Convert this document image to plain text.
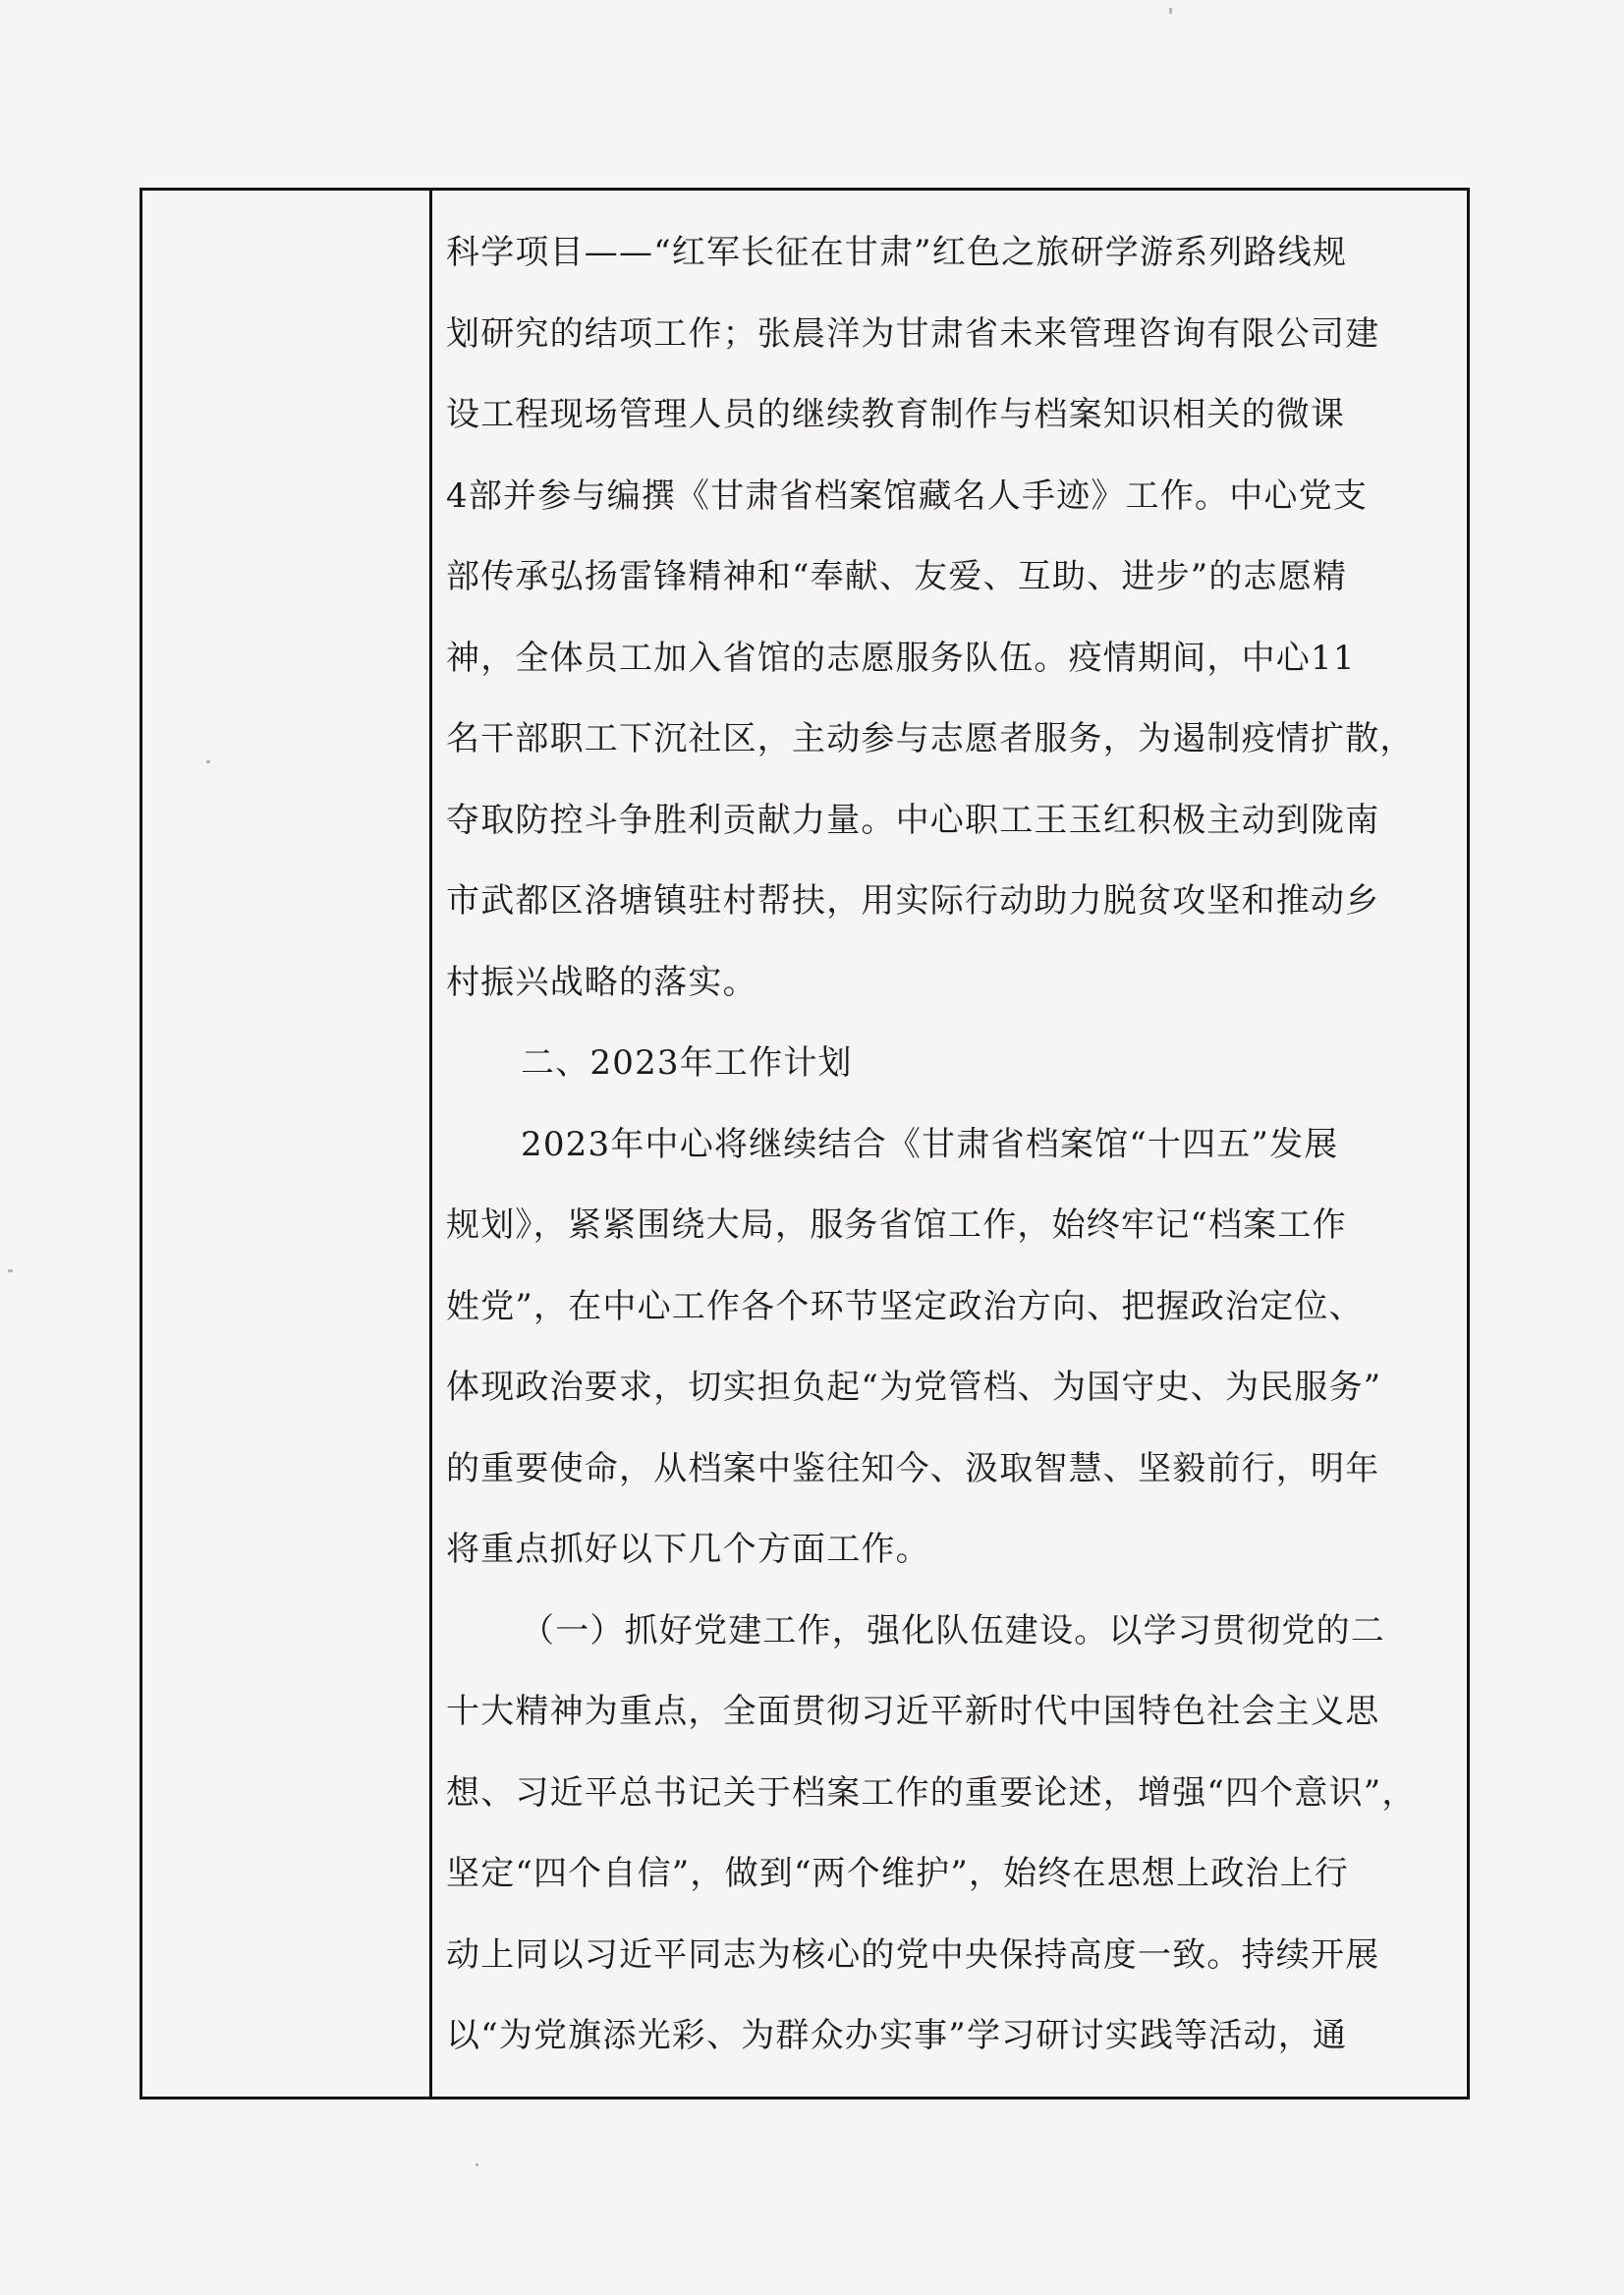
科学项目——“红军长征在甘肃”红色之旅研学游系列路线规
划研究的结项工作；张晨洋为甘肃省未来管理咨询有限公司建
设工程现场管理人员的继续教育制作与档案知识相关的微课
4部并参与编撰《甘肃省档案馆藏名人手迹》工作。中心党支
部传承弘扬雷锋精神和“奉献、友爱、互助、进步”的志愿精
神，全体员工加入省馆的志愿服务队伍。疫情期间，中心11
名干部职工下沉社区，主动参与志愿者服务，为遏制疫情扩散，
夺取防控斗争胜利贡献力量。中心职工王玉红积极主动到陇南
市武都区洛塘镇驻村帮扶，用实际行动助力脱贫攻坚和推动乡
村振兴战略的落实。
二、2023年工作计划
2023年中心将继续结合《甘肃省档案馆“十四五”发展
规划》，紧紧围绕大局，服务省馆工作，始终牢记“档案工作
姓党”，在中心工作各个环节坚定政治方向、把握政治定位、
体现政治要求，切实担负起“为党管档、为国守史、为民服务”
的重要使命，从档案中鉴往知今、汲取智慧、坚毅前行，明年
将重点抓好以下几个方面工作。
（一）抓好党建工作，强化队伍建设。以学习贯彻党的二
十大精神为重点，全面贯彻习近平新时代中国特色社会主义思
想、习近平总书记关于档案工作的重要论述，增强“四个意识”，
坚定“四个自信”，做到“两个维护”，始终在思想上政治上行
动上同以习近平同志为核心的党中央保持高度一致。持续开展
以“为党旗添光彩、为群众办实事”学习研讨实践等活动，通
